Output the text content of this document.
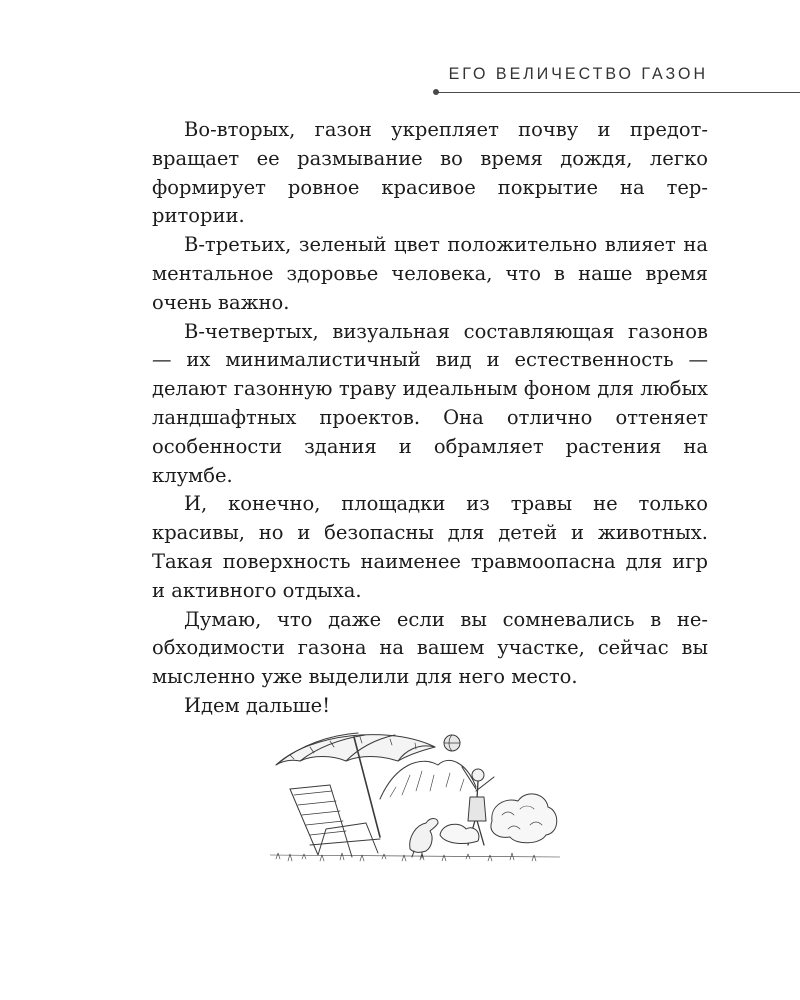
ЕГО ВЕЛИЧЕСТВО ГАЗОН

Во-вторых, газон укрепляет почву и предотвращает ее размывание во время дождя, легко формирует ровное красивое покрытие на территории.

В-третьих, зеленый цвет положительно влияет на ментальное здоровье человека, что в наше время очень важно.

В-четвертых, визуальная составляющая газонов — их минималистичный вид и естественность — делают газонную траву идеальным фоном для любых ландшафтных проектов. Она отлично оттеняет особенности здания и обрамляет растения на клумбе.

И, конечно, площадки из травы не только красивы, но и безопасны для детей и животных. Такая поверхность наименее травмоопасна для игр и активного отдыха.

Думаю, что даже если вы сомневались в необходимости газона на вашем участке, сейчас вы мысленно уже выделили для него место.

Идем дальше!
